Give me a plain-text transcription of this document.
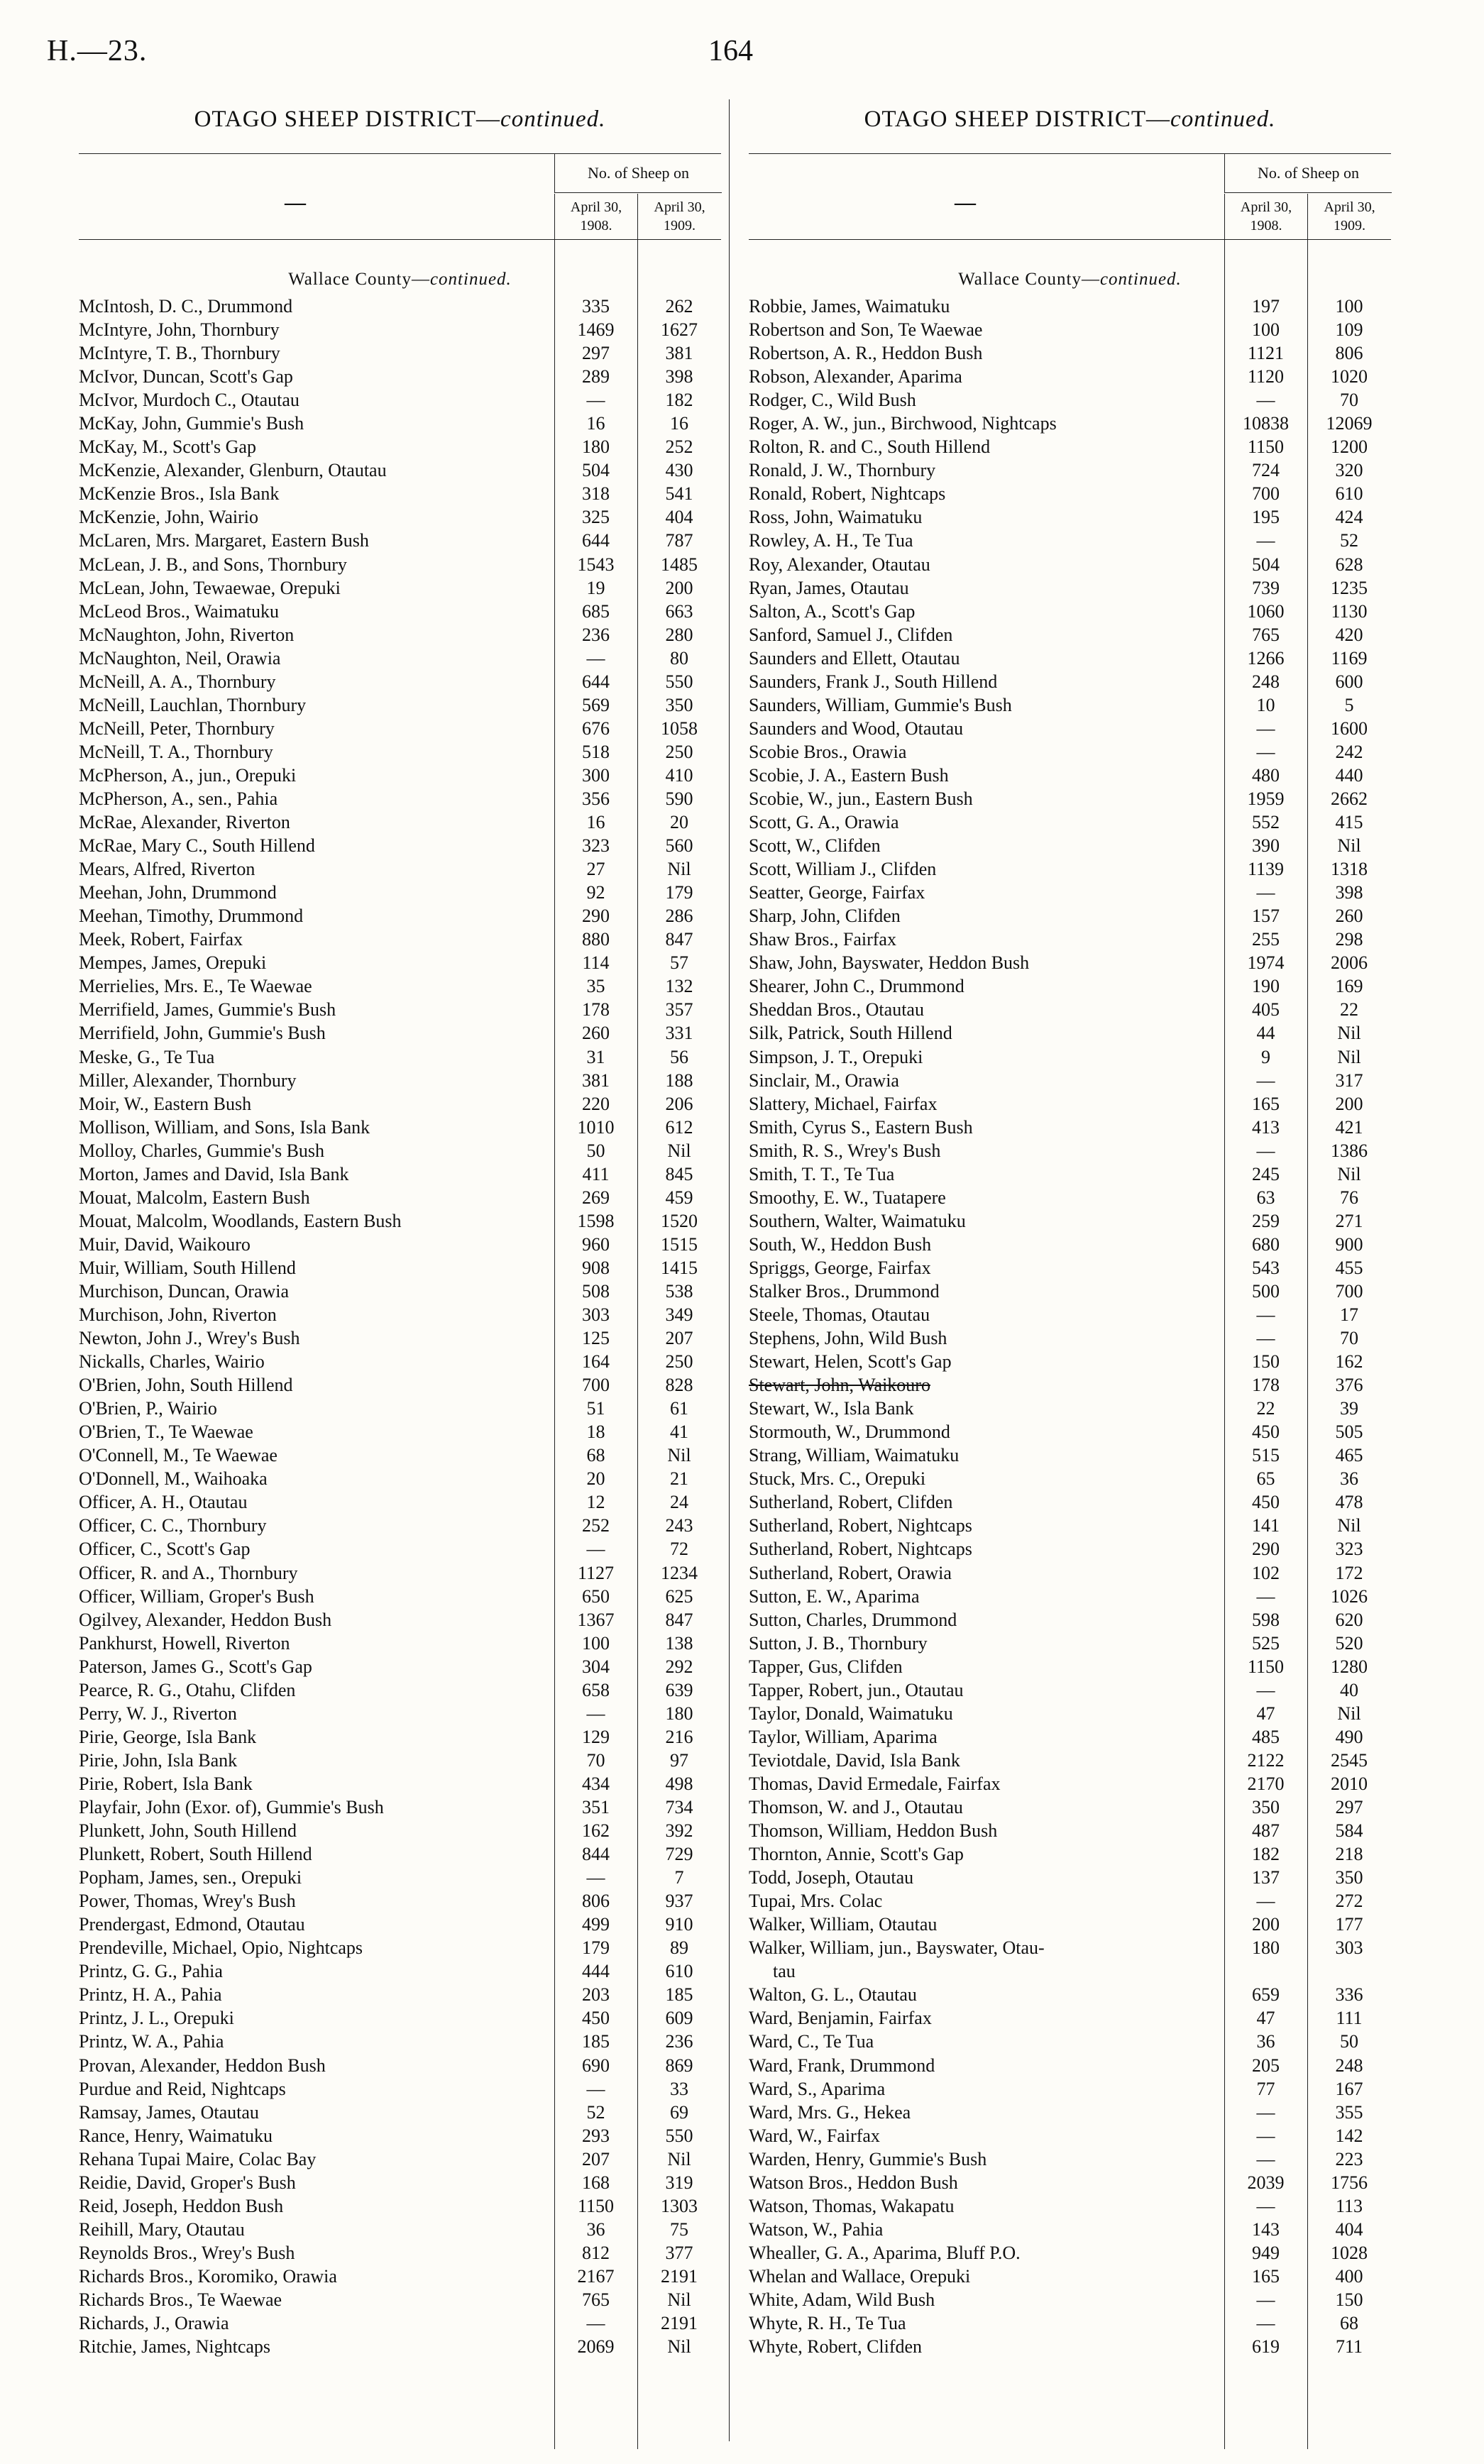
H.—23.	164
OTAGO SHEEP DISTRICT—continued.
—
No. of Sheep on
April 30, 1908.
April 30, 1909.
Wallace County—continued.
McIntosh, D. C., Drummond	335	262
McIntyre, John, Thornbury	1469	1627
McIntyre, T. B., Thornbury	297	381
McIvor, Duncan, Scott's Gap	289	398
McIvor, Murdoch C., Otautau	—	182
McKay, John, Gummie's Bush	16	16
McKay, M., Scott's Gap	180	252
McKenzie, Alexander, Glenburn, Otautau	504	430
McKenzie Bros., Isla Bank	318	541
McKenzie, John, Wairio	325	404
McLaren, Mrs. Margaret, Eastern Bush	644	787
McLean, J. B., and Sons, Thornbury	1543	1485
McLean, John, Tewaewae, Orepuki	19	200
McLeod Bros., Waimatuku	685	663
McNaughton, John, Riverton	236	280
McNaughton, Neil, Orawia	—	80
McNeill, A. A., Thornbury	644	550
McNeill, Lauchlan, Thornbury	569	350
McNeill, Peter, Thornbury	676	1058
McNeill, T. A., Thornbury	518	250
McPherson, A., jun., Orepuki	300	410
McPherson, A., sen., Pahia	356	590
McRae, Alexander, Riverton	16	20
McRae, Mary C., South Hillend	323	560
Mears, Alfred, Riverton	27	Nil
Meehan, John, Drummond	92	179
Meehan, Timothy, Drummond	290	286
Meek, Robert, Fairfax	880	847
Mempes, James, Orepuki	114	57
Merrielies, Mrs. E., Te Waewae	35	132
Merrifield, James, Gummie's Bush	178	357
Merrifield, John, Gummie's Bush	260	331
Meske, G., Te Tua	31	56
Miller, Alexander, Thornbury	381	188
Moir, W., Eastern Bush	220	206
Mollison, William, and Sons, Isla Bank	1010	612
Molloy, Charles, Gummie's Bush	50	Nil
Morton, James and David, Isla Bank	411	845
Mouat, Malcolm, Eastern Bush	269	459
Mouat, Malcolm, Woodlands, Eastern Bush	1598	1520
Muir, David, Waikouro	960	1515
Muir, William, South Hillend	908	1415
Murchison, Duncan, Orawia	508	538
Murchison, John, Riverton	303	349
Newton, John J., Wrey's Bush	125	207
Nickalls, Charles, Wairio	164	250
O'Brien, John, South Hillend	700	828
O'Brien, P., Wairio	51	61
O'Brien, T., Te Waewae	18	41
O'Connell, M., Te Waewae	68	Nil
O'Donnell, M., Waihoaka	20	21
Officer, A. H., Otautau	12	24
Officer, C. C., Thornbury	252	243
Officer, C., Scott's Gap	—	72
Officer, R. and A., Thornbury	1127	1234
Officer, William, Groper's Bush	650	625
Ogilvey, Alexander, Heddon Bush	1367	847
Pankhurst, Howell, Riverton	100	138
Paterson, James G., Scott's Gap	304	292
Pearce, R. G., Otahu, Clifden	658	639
Perry, W. J., Riverton	—	180
Pirie, George, Isla Bank	129	216
Pirie, John, Isla Bank	70	97
Pirie, Robert, Isla Bank	434	498
Playfair, John (Exor. of), Gummie's Bush	351	734
Plunkett, John, South Hillend	162	392
Plunkett, Robert, South Hillend	844	729
Popham, James, sen., Orepuki	—	7
Power, Thomas, Wrey's Bush	806	937
Prendergast, Edmond, Otautau	499	910
Prendeville, Michael, Opio, Nightcaps	179	89
Printz, G. G., Pahia	444	610
Printz, H. A., Pahia	203	185
Printz, J. L., Orepuki	450	609
Printz, W. A., Pahia	185	236
Provan, Alexander, Heddon Bush	690	869
Purdue and Reid, Nightcaps	—	33
Ramsay, James, Otautau	52	69
Rance, Henry, Waimatuku	293	550
Rehana Tupai Maire, Colac Bay	207	Nil
Reidie, David, Groper's Bush	168	319
Reid, Joseph, Heddon Bush	1150	1303
Reihill, Mary, Otautau	36	75
Reynolds Bros., Wrey's Bush	812	377
Richards Bros., Koromiko, Orawia	2167	2191
Richards Bros., Te Waewae	765	Nil
Richards, J., Orawia	—	2191
Ritchie, James, Nightcaps	2069	Nil
OTAGO SHEEP DISTRICT—continued.
—
No. of Sheep on
April 30, 1908.
April 30, 1909.
Wallace County—continued.
Robbie, James, Waimatuku	197	100
Robertson and Son, Te Waewae	100	109
Robertson, A. R., Heddon Bush	1121	806
Robson, Alexander, Aparima	1120	1020
Rodger, C., Wild Bush	—	70
Roger, A. W., jun., Birchwood, Nightcaps	10838	12069
Rolton, R. and C., South Hillend	1150	1200
Ronald, J. W., Thornbury	724	320
Ronald, Robert, Nightcaps	700	610
Ross, John, Waimatuku	195	424
Rowley, A. H., Te Tua	—	52
Roy, Alexander, Otautau	504	628
Ryan, James, Otautau	739	1235
Salton, A., Scott's Gap	1060	1130
Sanford, Samuel J., Clifden	765	420
Saunders and Ellett, Otautau	1266	1169
Saunders, Frank J., South Hillend	248	600
Saunders, William, Gummie's Bush	10	5
Saunders and Wood, Otautau	—	1600
Scobie Bros., Orawia	—	242
Scobie, J. A., Eastern Bush	480	440
Scobie, W., jun., Eastern Bush	1959	2662
Scott, G. A., Orawia	552	415
Scott, W., Clifden	390	Nil
Scott, William J., Clifden	1139	1318
Seatter, George, Fairfax	—	398
Sharp, John, Clifden	157	260
Shaw Bros., Fairfax	255	298
Shaw, John, Bayswater, Heddon Bush	1974	2006
Shearer, John C., Drummond	190	169
Sheddan Bros., Otautau	405	22
Silk, Patrick, South Hillend	44	Nil
Simpson, J. T., Orepuki	9	Nil
Sinclair, M., Orawia	—	317
Slattery, Michael, Fairfax	165	200
Smith, Cyrus S., Eastern Bush	413	421
Smith, R. S., Wrey's Bush	—	1386
Smith, T. T., Te Tua	245	Nil
Smoothy, E. W., Tuatapere	63	76
Southern, Walter, Waimatuku	259	271
South, W., Heddon Bush	680	900
Spriggs, George, Fairfax	543	455
Stalker Bros., Drummond	500	700
Steele, Thomas, Otautau	—	17
Stephens, John, Wild Bush	—	70
Stewart, Helen, Scott's Gap	150	162
Stewart, John, Waikouro	178	376
Stewart, W., Isla Bank	22	39
Stormouth, W., Drummond	450	505
Strang, William, Waimatuku	515	465
Stuck, Mrs. C., Orepuki	65	36
Sutherland, Robert, Clifden	450	478
Sutherland, Robert, Nightcaps	141	Nil
Sutherland, Robert, Nightcaps	290	323
Sutherland, Robert, Orawia	102	172
Sutton, E. W., Aparima	—	1026
Sutton, Charles, Drummond	598	620
Sutton, J. B., Thornbury	525	520
Tapper, Gus, Clifden	1150	1280
Tapper, Robert, jun., Otautau	—	40
Taylor, Donald, Waimatuku	47	Nil
Taylor, William, Aparima	485	490
Teviotdale, David, Isla Bank	2122	2545
Thomas, David Ermedale, Fairfax	2170	2010
Thomson, W. and J., Otautau	350	297
Thomson, William, Heddon Bush	487	584
Thornton, Annie, Scott's Gap	182	218
Todd, Joseph, Otautau	137	350
Tupai, Mrs. Colac	—	272
Walker, William, Otautau	200	177
Walker, William, jun., Bayswater, Otau-	180	303
tau
Walton, G. L., Otautau	659	336
Ward, Benjamin, Fairfax	47	111
Ward, C., Te Tua	36	50
Ward, Frank, Drummond	205	248
Ward, S., Aparima	77	167
Ward, Mrs. G., Hekea	—	355
Ward, W., Fairfax	—	142
Warden, Henry, Gummie's Bush	—	223
Watson Bros., Heddon Bush	2039	1756
Watson, Thomas, Wakapatu	—	113
Watson, W., Pahia	143	404
Whealler, G. A., Aparima, Bluff P.O.	949	1028
Whelan and Wallace, Orepuki	165	400
White, Adam, Wild Bush	—	150
Whyte, R. H., Te Tua	—	68
Whyte, Robert, Clifden	619	711
